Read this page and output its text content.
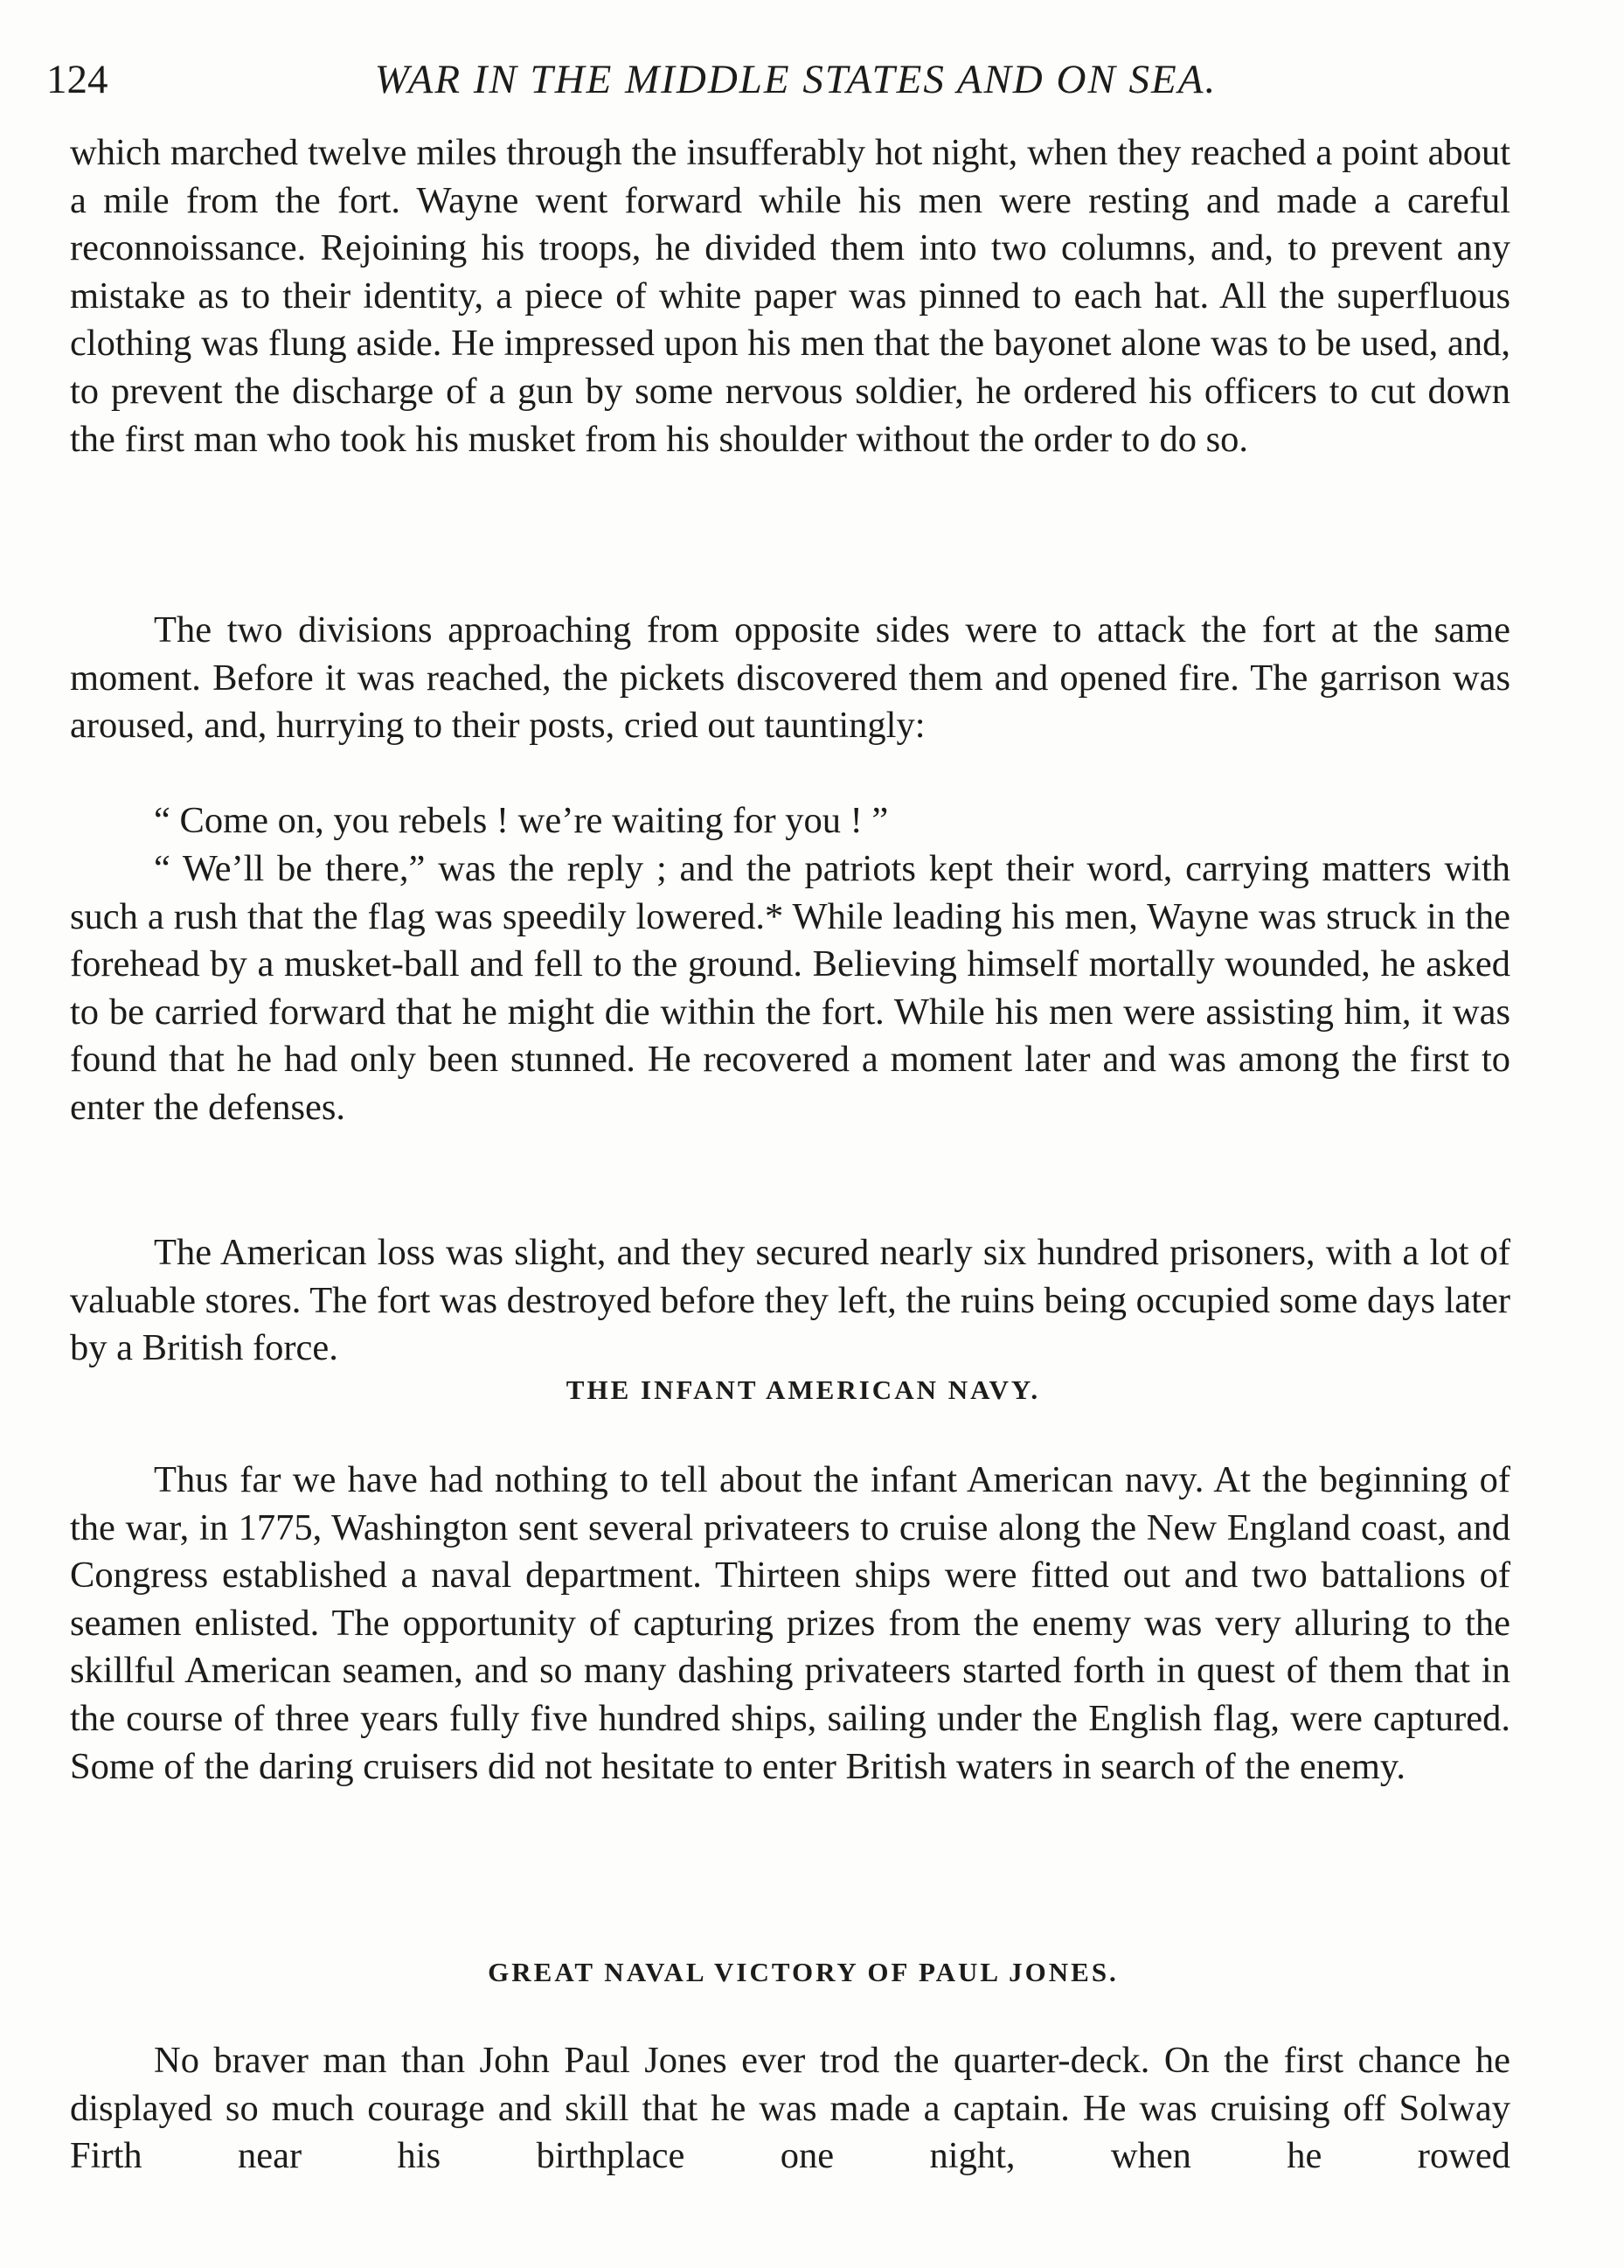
124	WAR IN THE MIDDLE STATES AND ON SEA.

which marched twelve miles through the insufferably hot night, when they reached a point about a mile from the fort. Wayne went forward while his men were resting and made a careful reconnoissance. Rejoining his troops, he divided them into two columns, and, to prevent any mistake as to their identity, a piece of white paper was pinned to each hat. All the superfluous clothing was flung aside. He impressed upon his men that the bayonet alone was to be used, and, to prevent the discharge of a gun by some nervous soldier, he ordered his officers to cut down the first man who took his musket from his shoulder without the order to do so.

The two divisions approaching from opposite sides were to attack the fort at the same moment. Before it was reached, the pickets discovered them and opened fire. The garrison was aroused, and, hurrying to their posts, cried out tauntingly:

“ Come on, you rebels ! we’re waiting for you ! ”

“ We’ll be there,” was the reply ; and the patriots kept their word, carrying matters with such a rush that the flag was speedily lowered.* While leading his men, Wayne was struck in the forehead by a musket-ball and fell to the ground. Believing himself mortally wounded, he asked to be carried forward that he might die within the fort. While his men were assisting him, it was found that he had only been stunned. He recovered a moment later and was among the first to enter the defenses.

The American loss was slight, and they secured nearly six hundred prisoners, with a lot of valuable stores. The fort was destroyed before they left, the ruins being occupied some days later by a British force.

THE INFANT AMERICAN NAVY.

Thus far we have had nothing to tell about the infant American navy. At the beginning of the war, in 1775, Washington sent several privateers to cruise along the New England coast, and Congress established a naval department. Thirteen ships were fitted out and two battalions of seamen enlisted. The opportunity of capturing prizes from the enemy was very alluring to the skillful American seamen, and so many dashing privateers started forth in quest of them that in the course of three years fully five hundred ships, sailing under the English flag, were captured. Some of the daring cruisers did not hesitate to enter British waters in search of the enemy.

GREAT NAVAL VICTORY OF PAUL JONES.

No braver man than John Paul Jones ever trod the quarter-deck. On the first chance he displayed so much courage and skill that he was made a captain. He was cruising off Solway Firth near his birthplace one night, when he rowed
